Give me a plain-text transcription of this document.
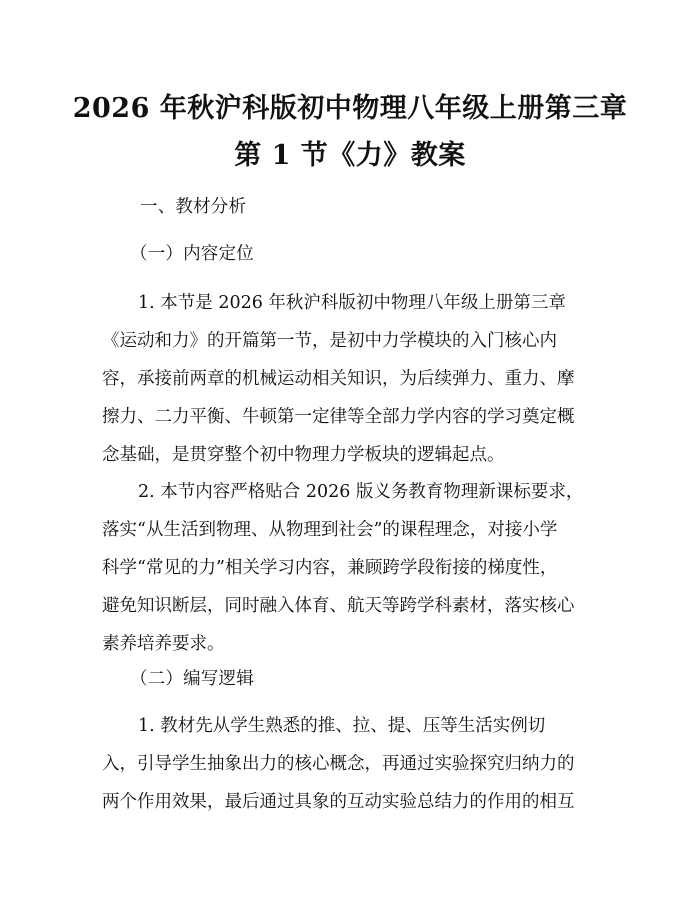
2026 年秋沪科版初中物理八年级上册第三章
第 1 节《力》教案
一、教材分析
（一）内容定位
1. 本节是 2026 年秋沪科版初中物理八年级上册第三章
《运动和力》的开篇第一节，是初中力学模块的入门核心内
容，承接前两章的机械运动相关知识，为后续弹力、重力、摩
擦力、二力平衡、牛顿第一定律等全部力学内容的学习奠定概
念基础，是贯穿整个初中物理力学板块的逻辑起点。
2. 本节内容严格贴合 2026 版义务教育物理新课标要求，
落实“从生活到物理、从物理到社会”的课程理念，对接小学
科学“常见的力”相关学习内容，兼顾跨学段衔接的梯度性，
避免知识断层，同时融入体育、航天等跨学科素材，落实核心
素养培养要求。
（二）编写逻辑
1. 教材先从学生熟悉的推、拉、提、压等生活实例切
入，引导学生抽象出力的核心概念，再通过实验探究归纳力的
两个作用效果，最后通过具象的互动实验总结力的作用的相互
